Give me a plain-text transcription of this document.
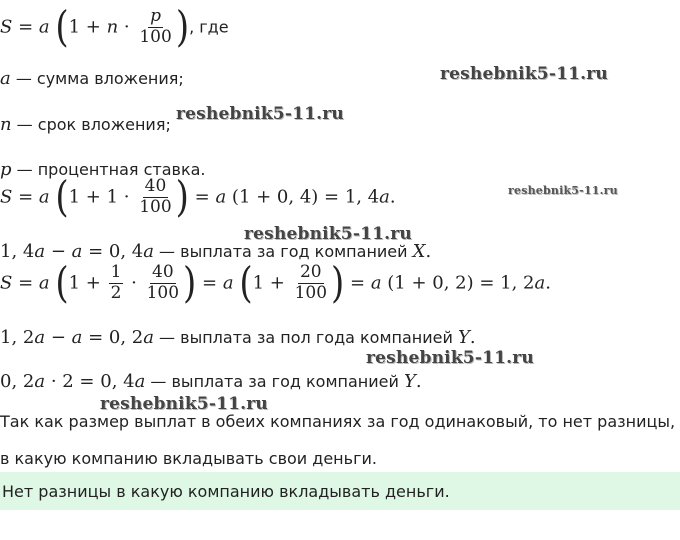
S = a ($1 + n \cdot \frac{p}{100}$ ), где
a — сумма вложения;
n — срок вложения;
p — процентная ставка.
S = a ($1 + 1 \cdot \frac{40}{100}$ ) = a (1 + 0, 4) = 1, 4a.
1, 4a − a = 0, 4a — выплата за год компанией X.
S = a ($1 + \frac{1}{2} \cdot \frac{40}{100}$ ) = a ($1 + \frac{20}{100}$ ) = a (1 + 0, 2) = 1, 2a.
1, 2a − a = 0, 2a — выплата за пол года компанией Y.
0, 2a · 2 = 0, 4a — выплата за год компанией Y.
Так как размер выплат в обеих компаниях за год одинаковый, то нет разницы,
в какую компанию вкладывать свои деньги.
Нет разницы в какую компанию вкладывать деньги.
reshebnik5-11.ru
reshebnik5-11.ru
reshebnik5-11.ru
reshebnik5-11.ru
reshebnik5-11.ru
reshebnik5-11.ru
